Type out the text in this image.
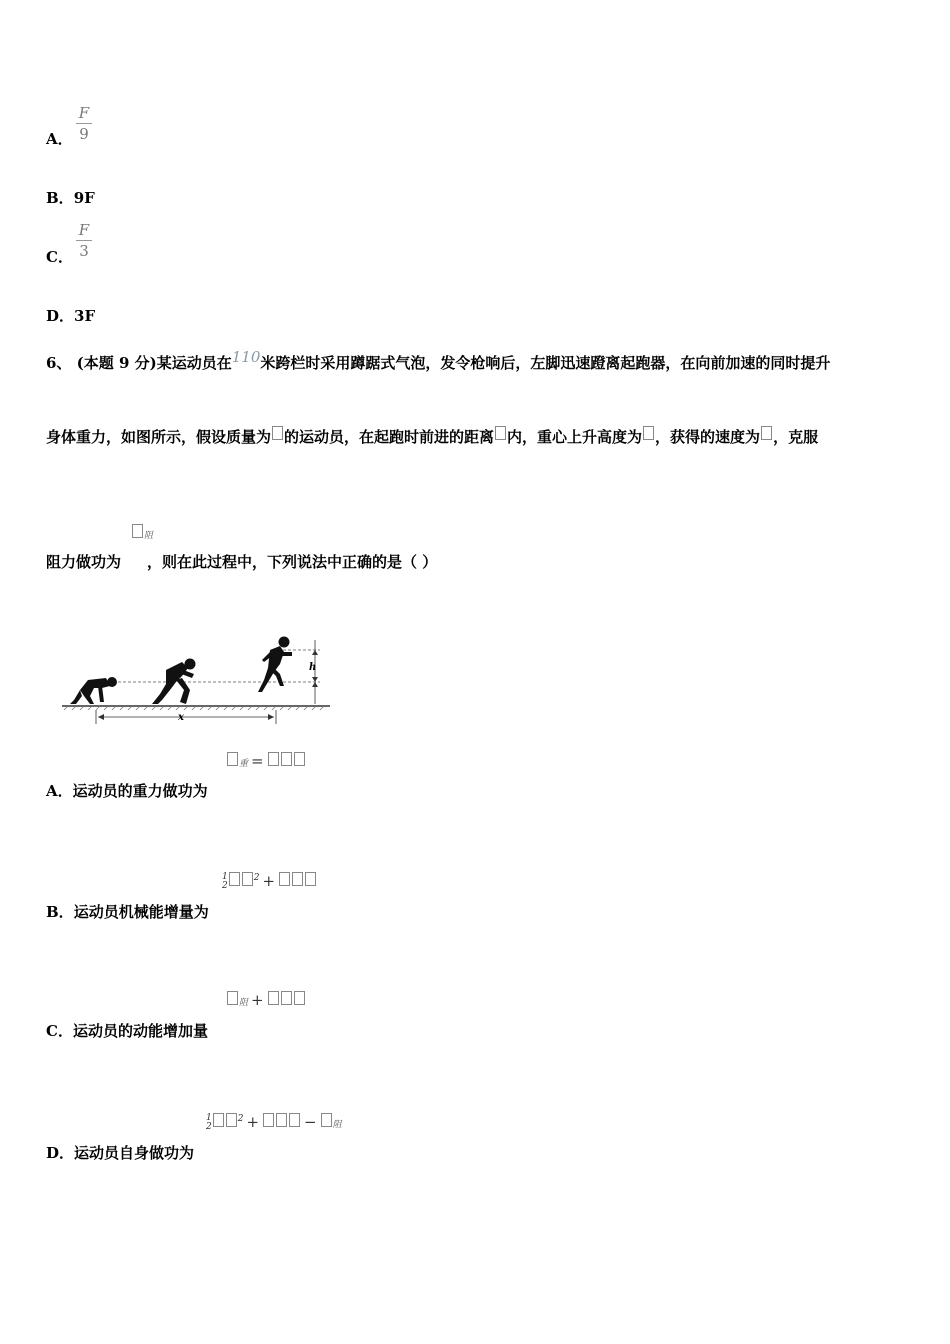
A．
F
9
B．9F
C．
F
3
D．3F
6、 (本题 9 分)某运动员在110米跨栏时采用蹲踞式气泡，发令枪响后，左脚迅速蹬离起跑器，在向前加速的同时提升
身体重力，如图所示，假设质量为 的运动员，在起跑时前进的距离 内，重心上升高度为 ，获得的速度为 ，克服
阻
阻力做功为 ，则在此过程中，下列说法中正确的是（ ）
h
x
重 =
A．运动员的重力做功为
1
$2^2$ +
B．运动员机械能增量为
阻 +
C．运动员的动能增加量
1
$2^2$ +	− 阻
D．运动员自身做功为
